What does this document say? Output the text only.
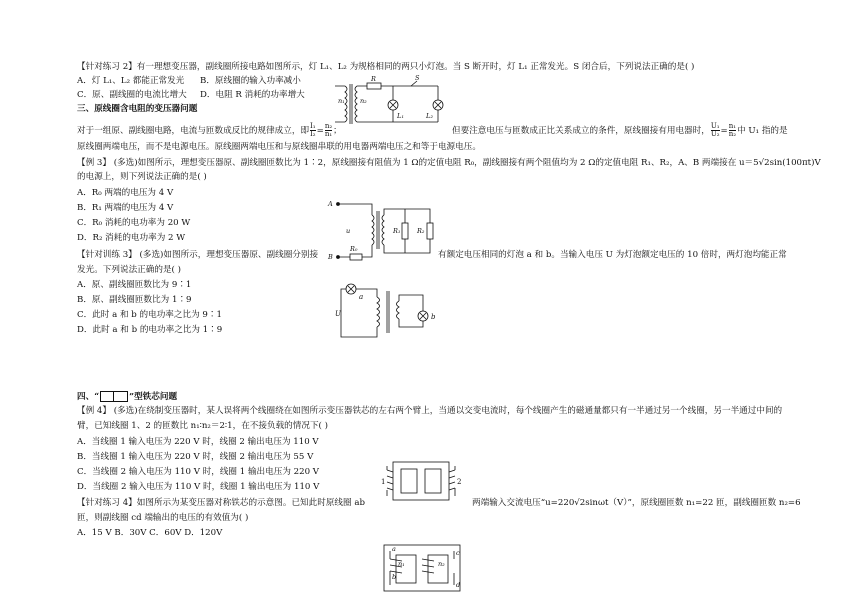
【针对练习 2】有一理想变压器，副线圈所接电路如图所示，灯 L₁、L₂ 为规格相同的两只小灯泡。当 S 断开时，灯 L₁ 正常发光。S 闭合后，下列说法正确的是( )
A．灯 L₁、L₂ 都能正常发光 B．原线圈的输入功率减小
C．原、副线圈的电流比增大 D．电阻 R 消耗的功率增大
n₁ n₂
R	S
L₁	L₂
三、原线圈含电阻的变压器问题
对于一组原、副线圈电路，电流与匝数成反比的规律成立，即 $\frac{\text{I₁}}{\text{I₂}} = \frac{\text{n₂}}{\text{n₁}}$ ；	但要注意电压与匝数成正比关系成立的条件，原线圈接有用电器时， $\frac{\text{U₁}}{\text{U₂}} = \frac{\text{n₁}}{\text{n₂}}$ 中 U₁ 指的是
原线圈两端电压，而不是电源电压。原线圈两端电压和与原线圈串联的用电器两端电压之和等于电源电压。
【例 3】 (多选)如图所示，理想变压器原、副线圈匝数比为 1∶2，原线圈接有阻值为 1 Ω的定值电阻 R₀，副线圈接有两个阻值均为 2 Ω的定值电阻 R₁、R₂，A、B 两端接在 u＝5√2sin(100πt)V
的电源上，则下列说法正确的是( )
A．R₀ 两端的电压为 4 V
B．R₁ 两端的电压为 4 V
C．R₀ 消耗的电功率为 20 W
D．R₂ 消耗的电功率为 2 W
A
B
u
R₀
R₁	R₂
【针对训练 3】 (多选)如图所示，理想变压器原、副线圈分别接	有额定电压相同的灯泡 a 和 b。当输入电压 U 为灯泡额定电压的 10 倍时，两灯泡均能正常
发光。下列说法正确的是( )
A．原、副线圈匝数比为 9∶1
B．原、副线圈匝数比为 1∶9
C．此时 a 和 b 的电功率之比为 9∶1
D．此时 a 和 b 的电功率之比为 1∶9
U
a
b
四、“	”型铁芯问题
【例 4】 (多选)在绕制变压器时，某人误将两个线圈绕在如图所示变压器铁芯的左右两个臂上，当通以交变电流时，每个线圈产生的磁通量都只有一半通过另一个线圈，另一半通过中间的
臂，已知线圈 1、2 的匝数比 n₁∶n₂＝2∶1，在不接负载的情况下( )
A．当线圈 1 输入电压为 220 V 时，线圈 2 输出电压为 110 V
B．当线圈 1 输入电压为 220 V 时，线圈 2 输出电压为 55 V
C．当线圈 2 输入电压为 110 V 时，线圈 1 输出电压为 220 V
D．当线圈 2 输入电压为 110 V 时，线圈 1 输出电压为 110 V	1	2
【针对练习 4】如图所示为某变压器对称铁芯的示意图。已知此时原线圈 ab	两端输入交流电压“u=220√2sinωt（V）”，原线圈匝数 n₁=22 匝，副线圈匝数 n₂=6
匝，则副线圈 cd 端输出的电压的有效值为( )
A．15 V B．30V C．60V D．120V
a
b
c
d
n₁	n₂
